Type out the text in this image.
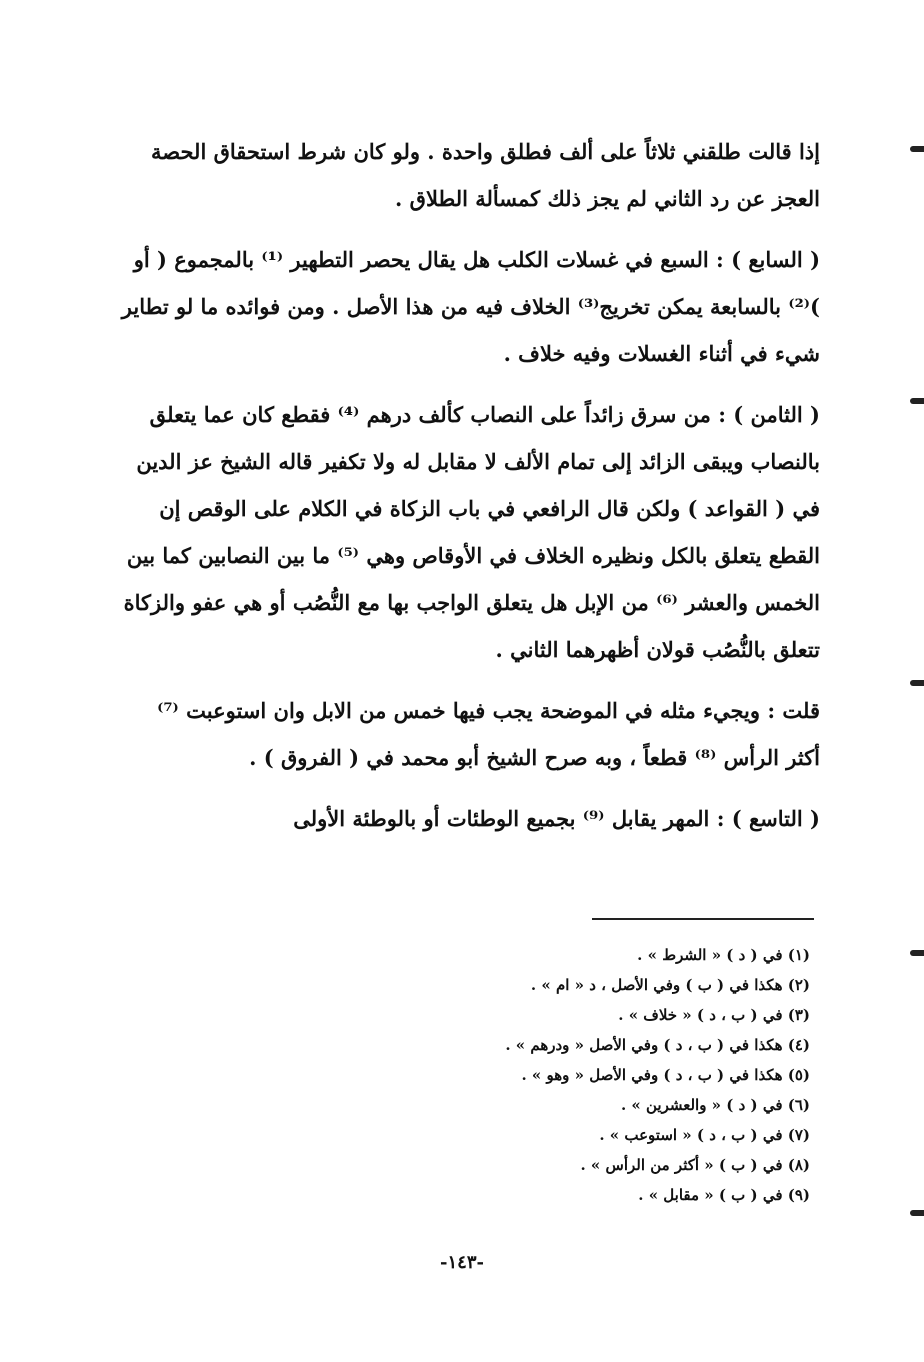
إذا قالت طلقني ثلاثاً على ألف فطلق واحدة . ولو كان شرط استحقاق الحصة العجز عن رد الثاني لم يجز ذلك كمسألة الطلاق .

( السابع ) : السبع في غسلات الكلب هل يقال يحصر التطهير ⁽¹⁾ بالمجموع ( أو )⁽²⁾ بالسابعة يمكن تخريج⁽³⁾ الخلاف فيه من هذا الأصل . ومن فوائده ما لو تطاير شيء في أثناء الغسلات وفيه خلاف .

( الثامن ) : من سرق زائداً على النصاب كألف درهم ⁽⁴⁾ فقطع كان عما يتعلق بالنصاب ويبقى الزائد إلى تمام الألف لا مقابل له ولا تكفير قاله الشيخ عز الدين في ( القواعد ) ولكن قال الرافعي في باب الزكاة في الكلام على الوقص إن القطع يتعلق بالكل ونظيره الخلاف في الأوقاص وهي ⁽⁵⁾ ما بين النصابين كما بين الخمس والعشر ⁽⁶⁾ من الإبل هل يتعلق الواجب بها مع النُّصُب أو هي عفو والزكاة تتعلق بالنُّصُب قولان أظهرهما الثاني .

قلت : ويجيء مثله في الموضحة يجب فيها خمس من الابل وان استوعبت ⁽⁷⁾ أكثر الرأس ⁽⁸⁾ قطعاً ، وبه صرح الشيخ أبو محمد في ( الفروق ) .

( التاسع ) : المهر يقابل ⁽⁹⁾ بجميع الوطئات أو بالوطئة الأولى

(١) في ( د ) « الشرط » .

(٢) هكذا في ( ب ) وفي الأصل ، د « ام » .

(٣) في ( ب ، د ) « خلاف » .

(٤) هكذا في ( ب ، د ) وفي الأصل « ودرهم » .

(٥) هكذا في ( ب ، د ) وفي الأصل « وهو » .

(٦) في ( د ) « والعشرين » .

(٧) في ( ب ، د ) « استوعب » .

(٨) في ( ب ) « أكثر من الرأس » .

(٩) في ( ب ) « مقابل » .

-١٤٣-
